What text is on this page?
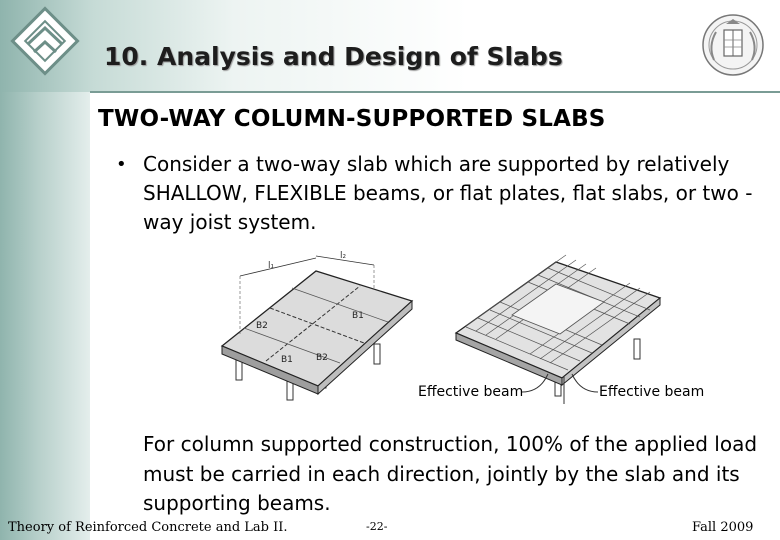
10. Analysis and Design of Slabs
TWO-WAY COLUMN-SUPPORTED SLABS
• Consider a two-way slab which are supported by relatively SHALLOW, FLEXIBLE beams, or flat plates, flat slabs, or two -way joist system.
l₁
l₂
B2
B1
B1	B2
Effective beam	Effective beam
For column supported construction, 100% of the applied load must be carried in each direction, jointly by the slab and its supporting beams.
Theory of Reinforced Concrete and Lab II.	-22-	Fall 2009
